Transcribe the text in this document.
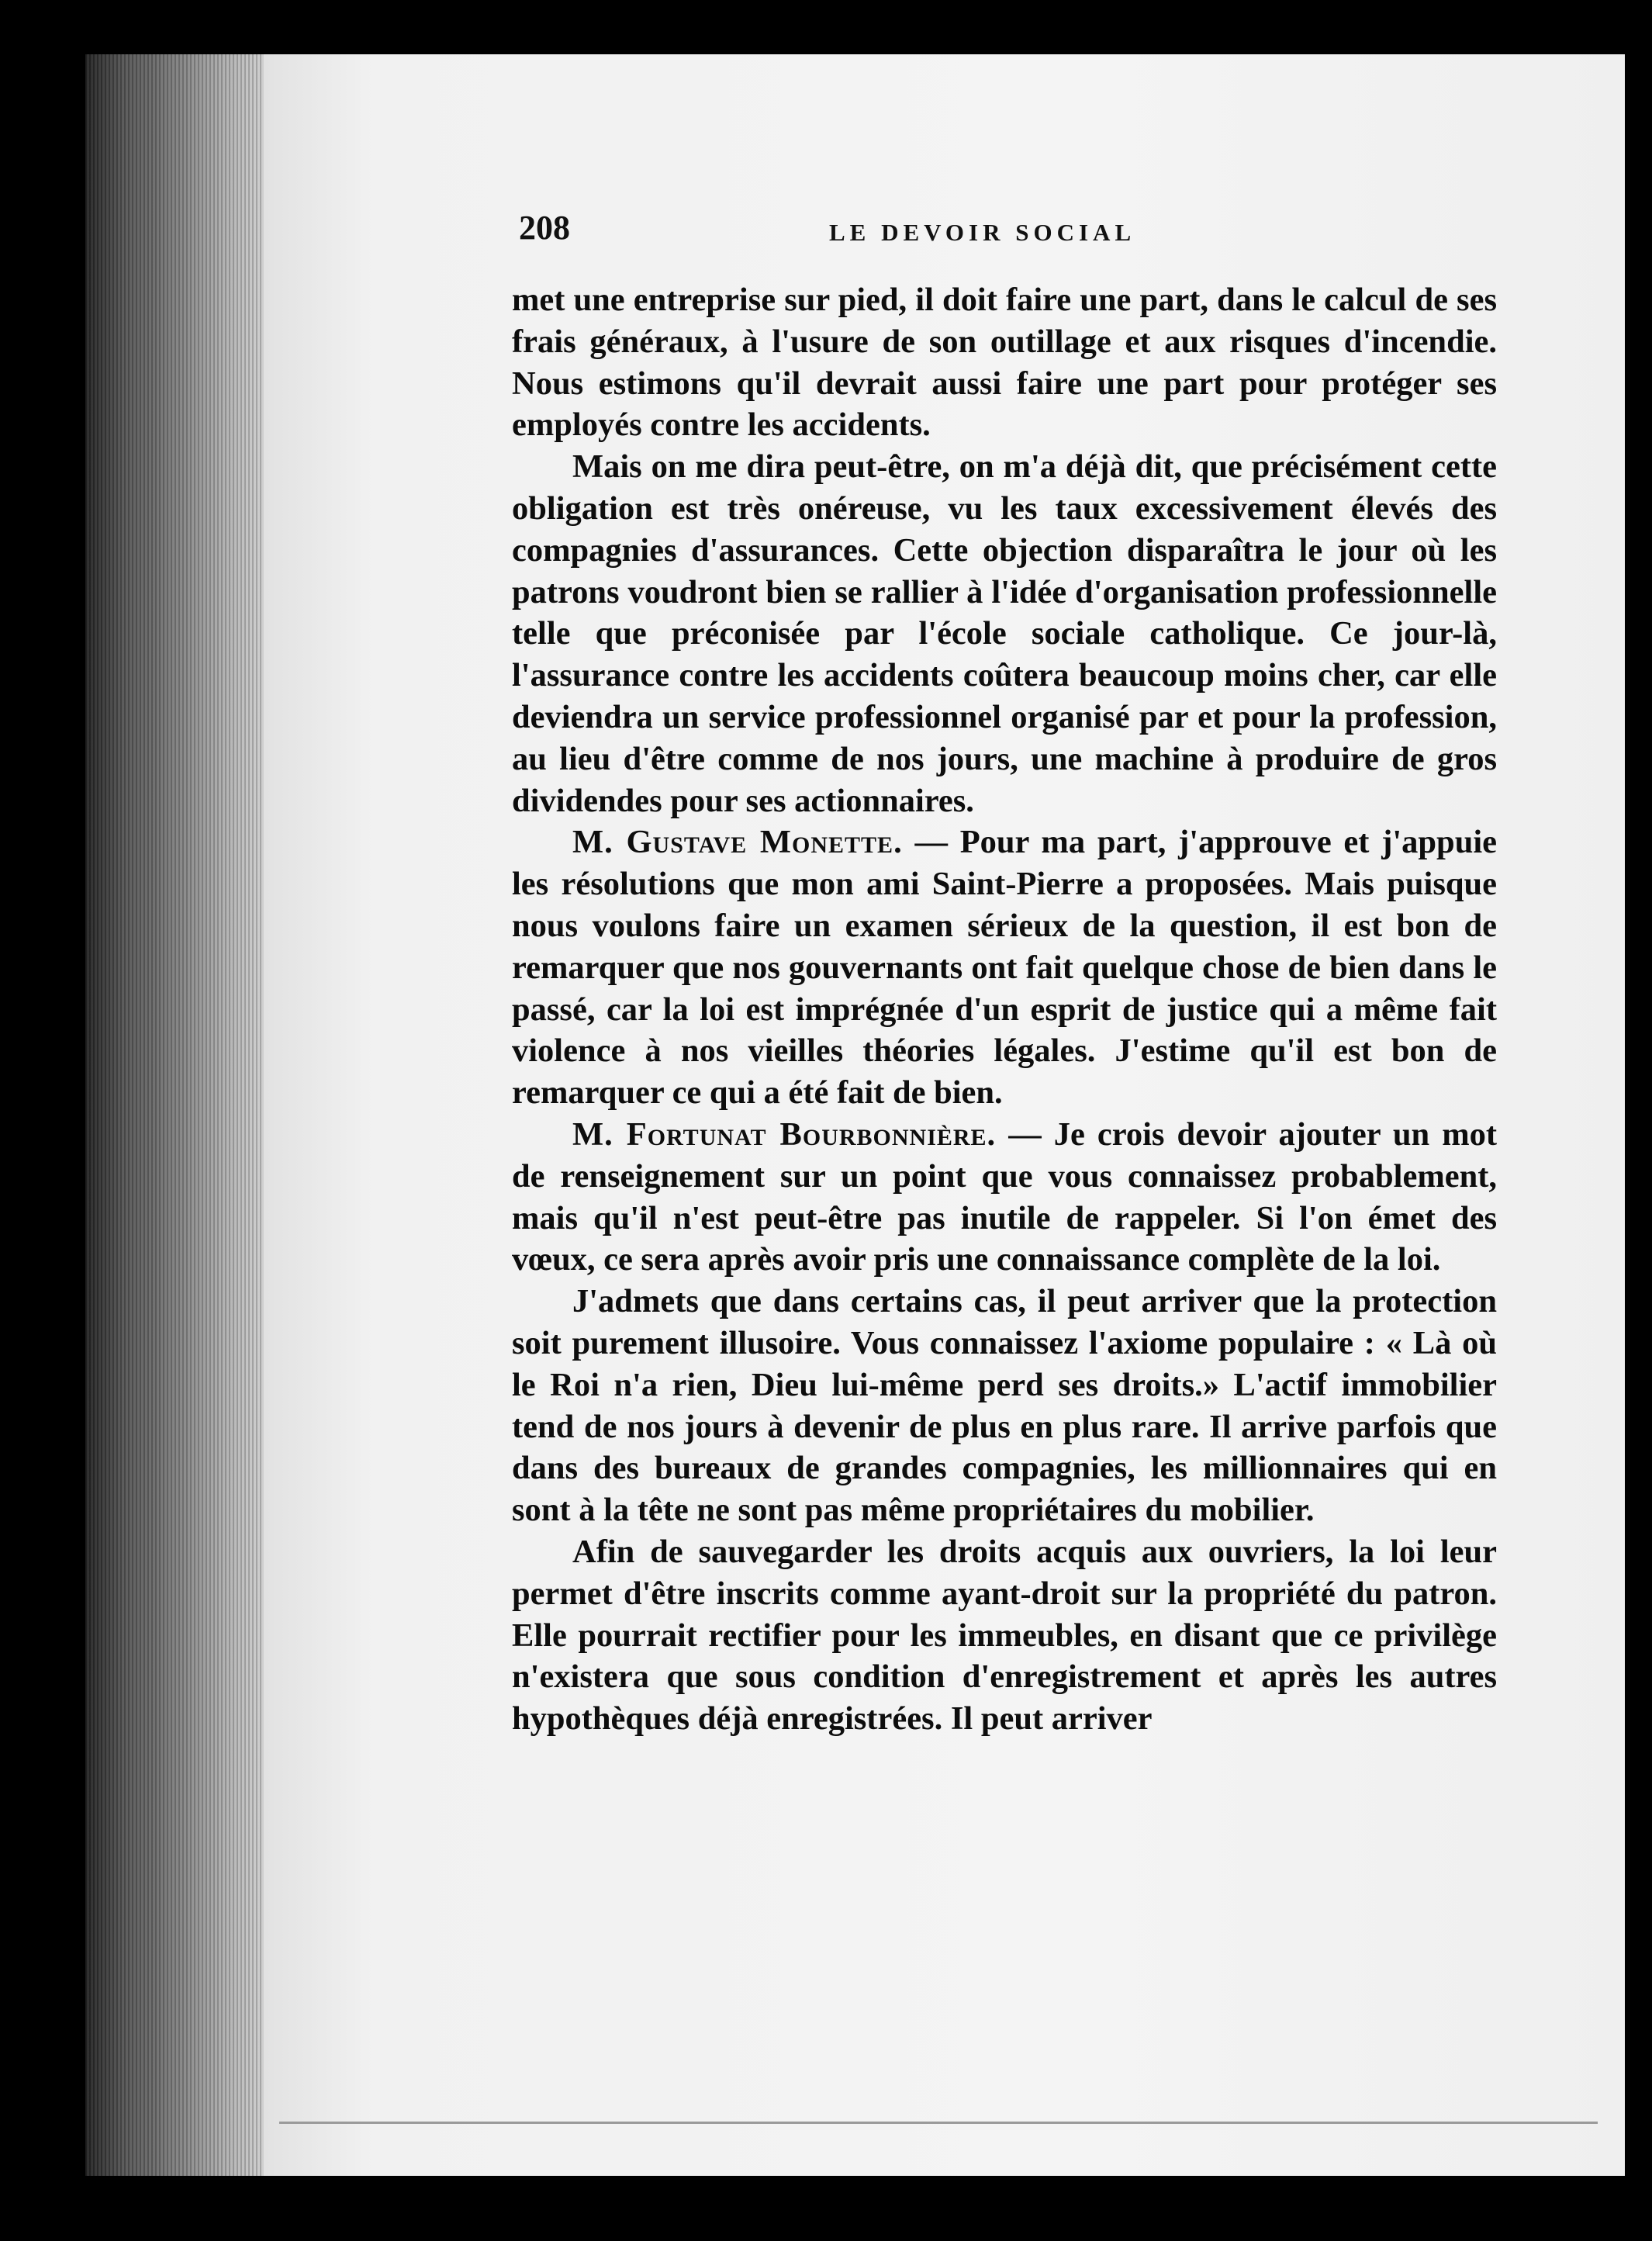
208	LE DEVOIR SOCIAL

met une entreprise sur pied, il doit faire une part, dans le calcul de ses frais généraux, à l'usure de son outillage et aux risques d'incendie. Nous estimons qu'il devrait aussi faire une part pour protéger ses employés contre les accidents.

Mais on me dira peut-être, on m'a déjà dit, que précisément cette obligation est très onéreuse, vu les taux excessivement élevés des compagnies d'assurances. Cette objection disparaîtra le jour où les patrons voudront bien se rallier à l'idée d'organisation professionnelle telle que préconisée par l'école sociale catholique. Ce jour-là, l'assurance contre les accidents coûtera beaucoup moins cher, car elle deviendra un service professionnel organisé par et pour la profession, au lieu d'être comme de nos jours, une machine à produire de gros dividendes pour ses actionnaires.

M. Gustave Monette. — Pour ma part, j'approuve et j'appuie les résolutions que mon ami Saint-Pierre a proposées. Mais puisque nous voulons faire un examen sérieux de la question, il est bon de remarquer que nos gouvernants ont fait quelque chose de bien dans le passé, car la loi est imprégnée d'un esprit de justice qui a même fait violence à nos vieilles théories légales. J'estime qu'il est bon de remarquer ce qui a été fait de bien.

M. Fortunat Bourbonnière. — Je crois devoir ajouter un mot de renseignement sur un point que vous connaissez probablement, mais qu'il n'est peut-être pas inutile de rappeler. Si l'on émet des vœux, ce sera après avoir pris une connaissance complète de la loi.

J'admets que dans certains cas, il peut arriver que la protection soit purement illusoire. Vous connaissez l'axiome populaire : « Là où le Roi n'a rien, Dieu lui-même perd ses droits.» L'actif immobilier tend de nos jours à devenir de plus en plus rare. Il arrive parfois que dans des bureaux de grandes compagnies, les millionnaires qui en sont à la tête ne sont pas même propriétaires du mobilier.

Afin de sauvegarder les droits acquis aux ouvriers, la loi leur permet d'être inscrits comme ayant-droit sur la propriété du patron. Elle pourrait rectifier pour les immeubles, en disant que ce privilège n'existera que sous condition d'enregistrement et après les autres hypothèques déjà enregistrées. Il peut arriver
